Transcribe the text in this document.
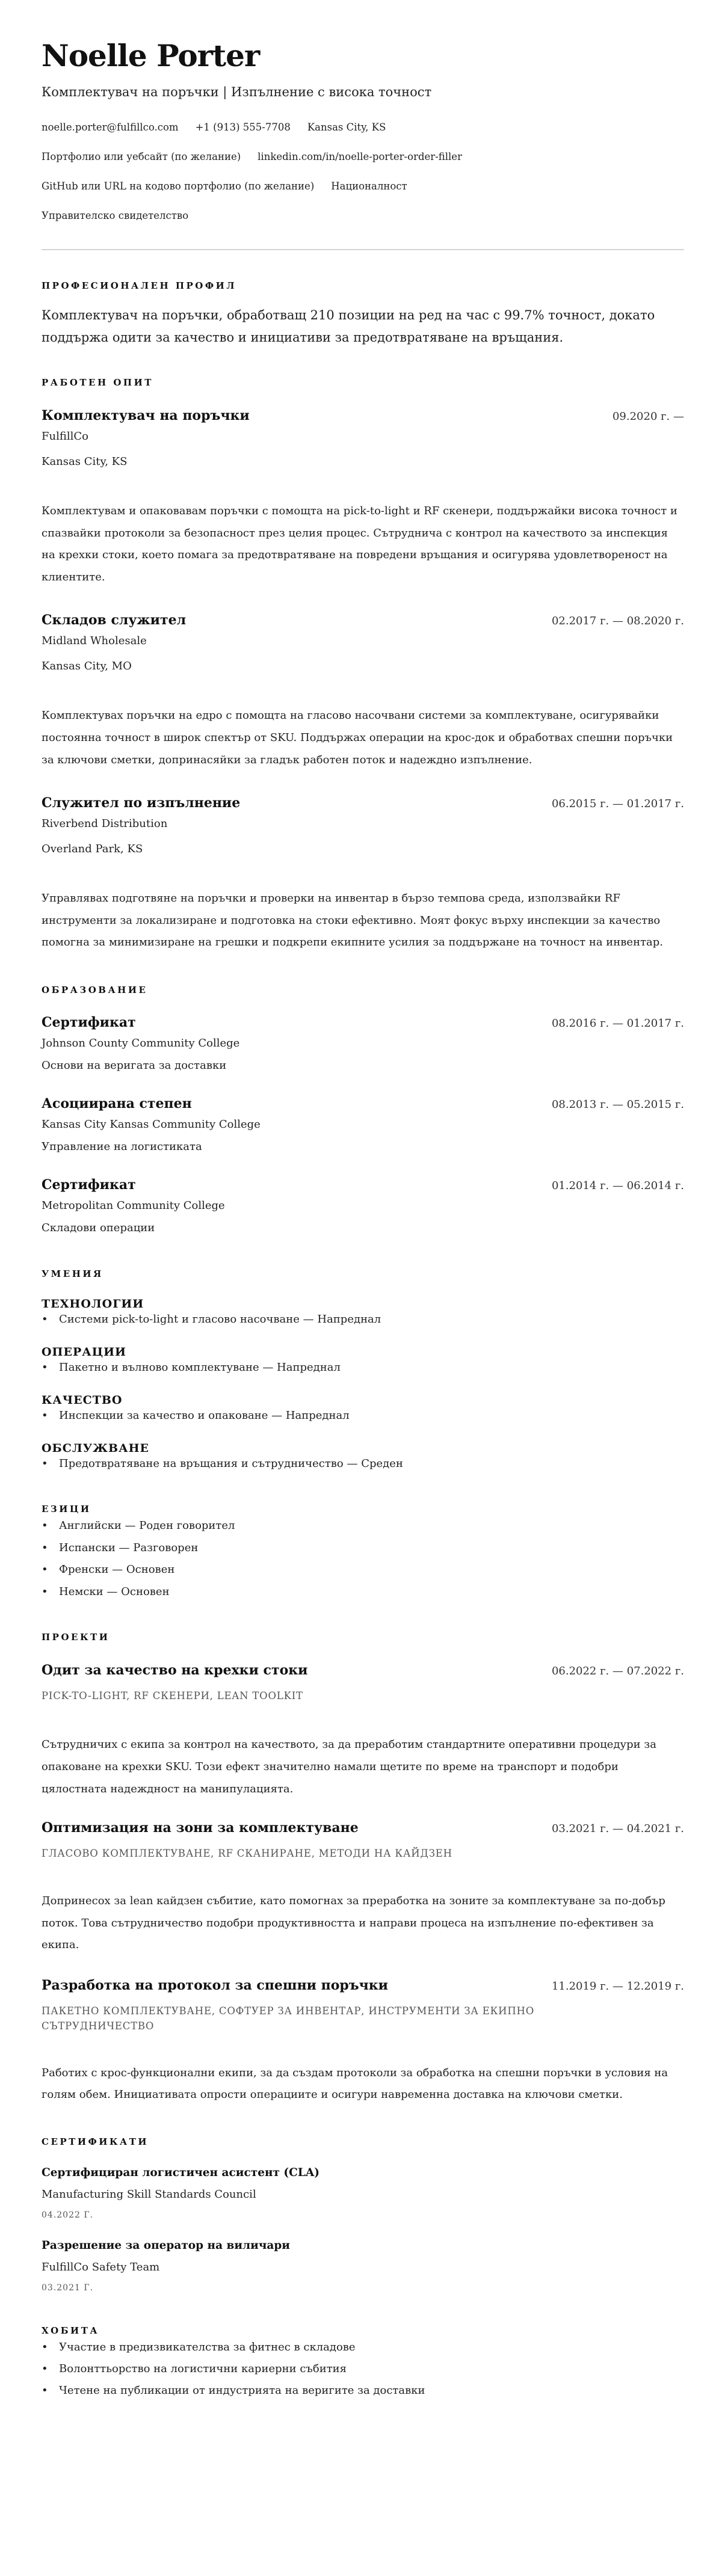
Noelle Porter
Комплектувач на поръчки | Изпълнение с висока точност
noelle.porter@fulfillco.com +1 (913) 555-7708 Kansas City, KS
Портфолио или уебсайт (по желание) linkedin.com/in/noelle-porter-order-filler
GitHub или URL на кодово портфолио (по желание) Националност
Управителско свидетелство
ПРОФЕСИОНАЛЕН ПРОФИЛ
Комплектувач на поръчки, обработващ 210 позиции на ред на час с 99.7% точност, докато поддържа одити за качество и инициативи за предотвратяване на връщания.
РАБОТЕН ОПИТ
Комплектувач на поръчки	09.2020 г. —
FulfillCo
Kansas City, KS
Комплектувам и опаковавам поръчки с помощта на pick-to-light и RF скенери, поддържайки висока точност и спазвайки протоколи за безопасност през целия процес. Сътруднича с контрол на качеството за инспекция на крехки стоки, което помага за предотвратяване на повредени връщания и осигурява удовлетвореност на клиентите.
Складов служител	02.2017 г. — 08.2020 г.
Midland Wholesale
Kansas City, MO
Комплектувах поръчки на едро с помощта на гласово насочвани системи за комплектуване, осигурявайки постоянна точност в широк спектър от SKU. Поддържах операции на крос-док и обработвах спешни поръчки за ключови сметки, допринасяйки за гладък работен поток и надеждно изпълнение.
Служител по изпълнение	06.2015 г. — 01.2017 г.
Riverbend Distribution
Overland Park, KS
Управлявах подготвяне на поръчки и проверки на инвентар в бързо темпова среда, използвайки RF инструменти за локализиране и подготовка на стоки ефективно. Моят фокус върху инспекции за качество помогна за минимизиране на грешки и подкрепи екипните усилия за поддържане на точност на инвентар.
ОБРАЗОВАНИЕ
Сертификат	08.2016 г. — 01.2017 г.
Johnson County Community College
Основи на веригата за доставки
Асоциирана степен	08.2013 г. — 05.2015 г.
Kansas City Kansas Community College
Управление на логистиката
Сертификат	01.2014 г. — 06.2014 г.
Metropolitan Community College
Складови операции
УМЕНИЯ
ТЕХНОЛОГИИ
• Системи pick-to-light и гласово насочване — Напреднал
ОПЕРАЦИИ
• Пакетно и вълново комплектуване — Напреднал
КАЧЕСТВО
• Инспекции за качество и опаковане — Напреднал
ОБСЛУЖВАНЕ
• Предотвратяване на връщания и сътрудничество — Среден
ЕЗИЦИ
• Английски — Роден говорител
• Испански — Разговорен
• Френски — Основен
• Немски — Основен
ПРОЕКТИ
Одит за качество на крехки стоки	06.2022 г. — 07.2022 г.
PICK-TO-LIGHT, RF СКЕНЕРИ, LEAN TOOLKIT
Сътрудничих с екипа за контрол на качеството, за да преработим стандартните оперативни процедури за опаковане на крехки SKU. Този ефект значително намали щетите по време на транспорт и подобри цялостната надеждност на манипулацията.
Оптимизация на зони за комплектуване	03.2021 г. — 04.2021 г.
ГЛАСОВО КОМПЛЕКТУВАНЕ, RF СКАНИРАНЕ, МЕТОДИ НА КАЙДЗЕН
Допринесох за lean кайдзен събитие, като помогнах за преработка на зоните за комплектуване за по-добър поток. Това сътрудничество подобри продуктивността и направи процеса на изпълнение по-ефективен за екипа.
Разработка на протокол за спешни поръчки	11.2019 г. — 12.2019 г.
ПАКЕТНО КОМПЛЕКТУВАНЕ, СОФТУЕР ЗА ИНВЕНТАР, ИНСТРУМЕНТИ ЗА ЕКИПНО СЪТРУДНИЧЕСТВО
Работих с крос-функционални екипи, за да създам протоколи за обработка на спешни поръчки в условия на голям обем. Инициативата опрости операциите и осигури навременна доставка на ключови сметки.
СЕРТИФИКАТИ
Сертифициран логистичен асистент (CLA)
Manufacturing Skill Standards Council
04.2022 Г.
Разрешение за оператор на виличари
FulfillCo Safety Team
03.2021 Г.
ХОБИТА
• Участие в предизвикателства за фитнес в складове
• Волонттьорство на логистични кариерни събития
• Четене на публикации от индустрията на веригите за доставки
